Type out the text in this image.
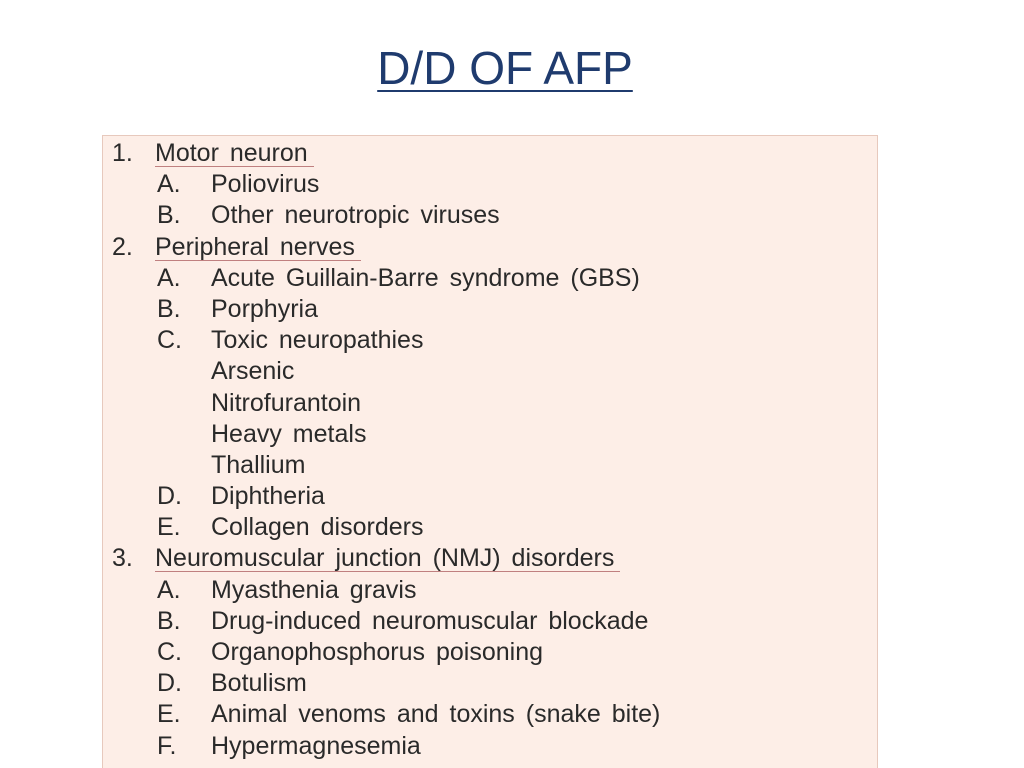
D/D OF AFP
1. Motor neuron
A. Poliovirus
B. Other neurotropic viruses
2. Peripheral nerves
A. Acute Guillain-Barre syndrome (GBS)
B. Porphyria
C. Toxic neuropathies
Arsenic
Nitrofurantoin
Heavy metals
Thallium
D. Diphtheria
E. Collagen disorders
3. Neuromuscular junction (NMJ) disorders
A. Myasthenia gravis
B. Drug-induced neuromuscular blockade
C. Organophosphorus poisoning
D. Botulism
E. Animal venoms and toxins (snake bite)
F. Hypermagnesemia
